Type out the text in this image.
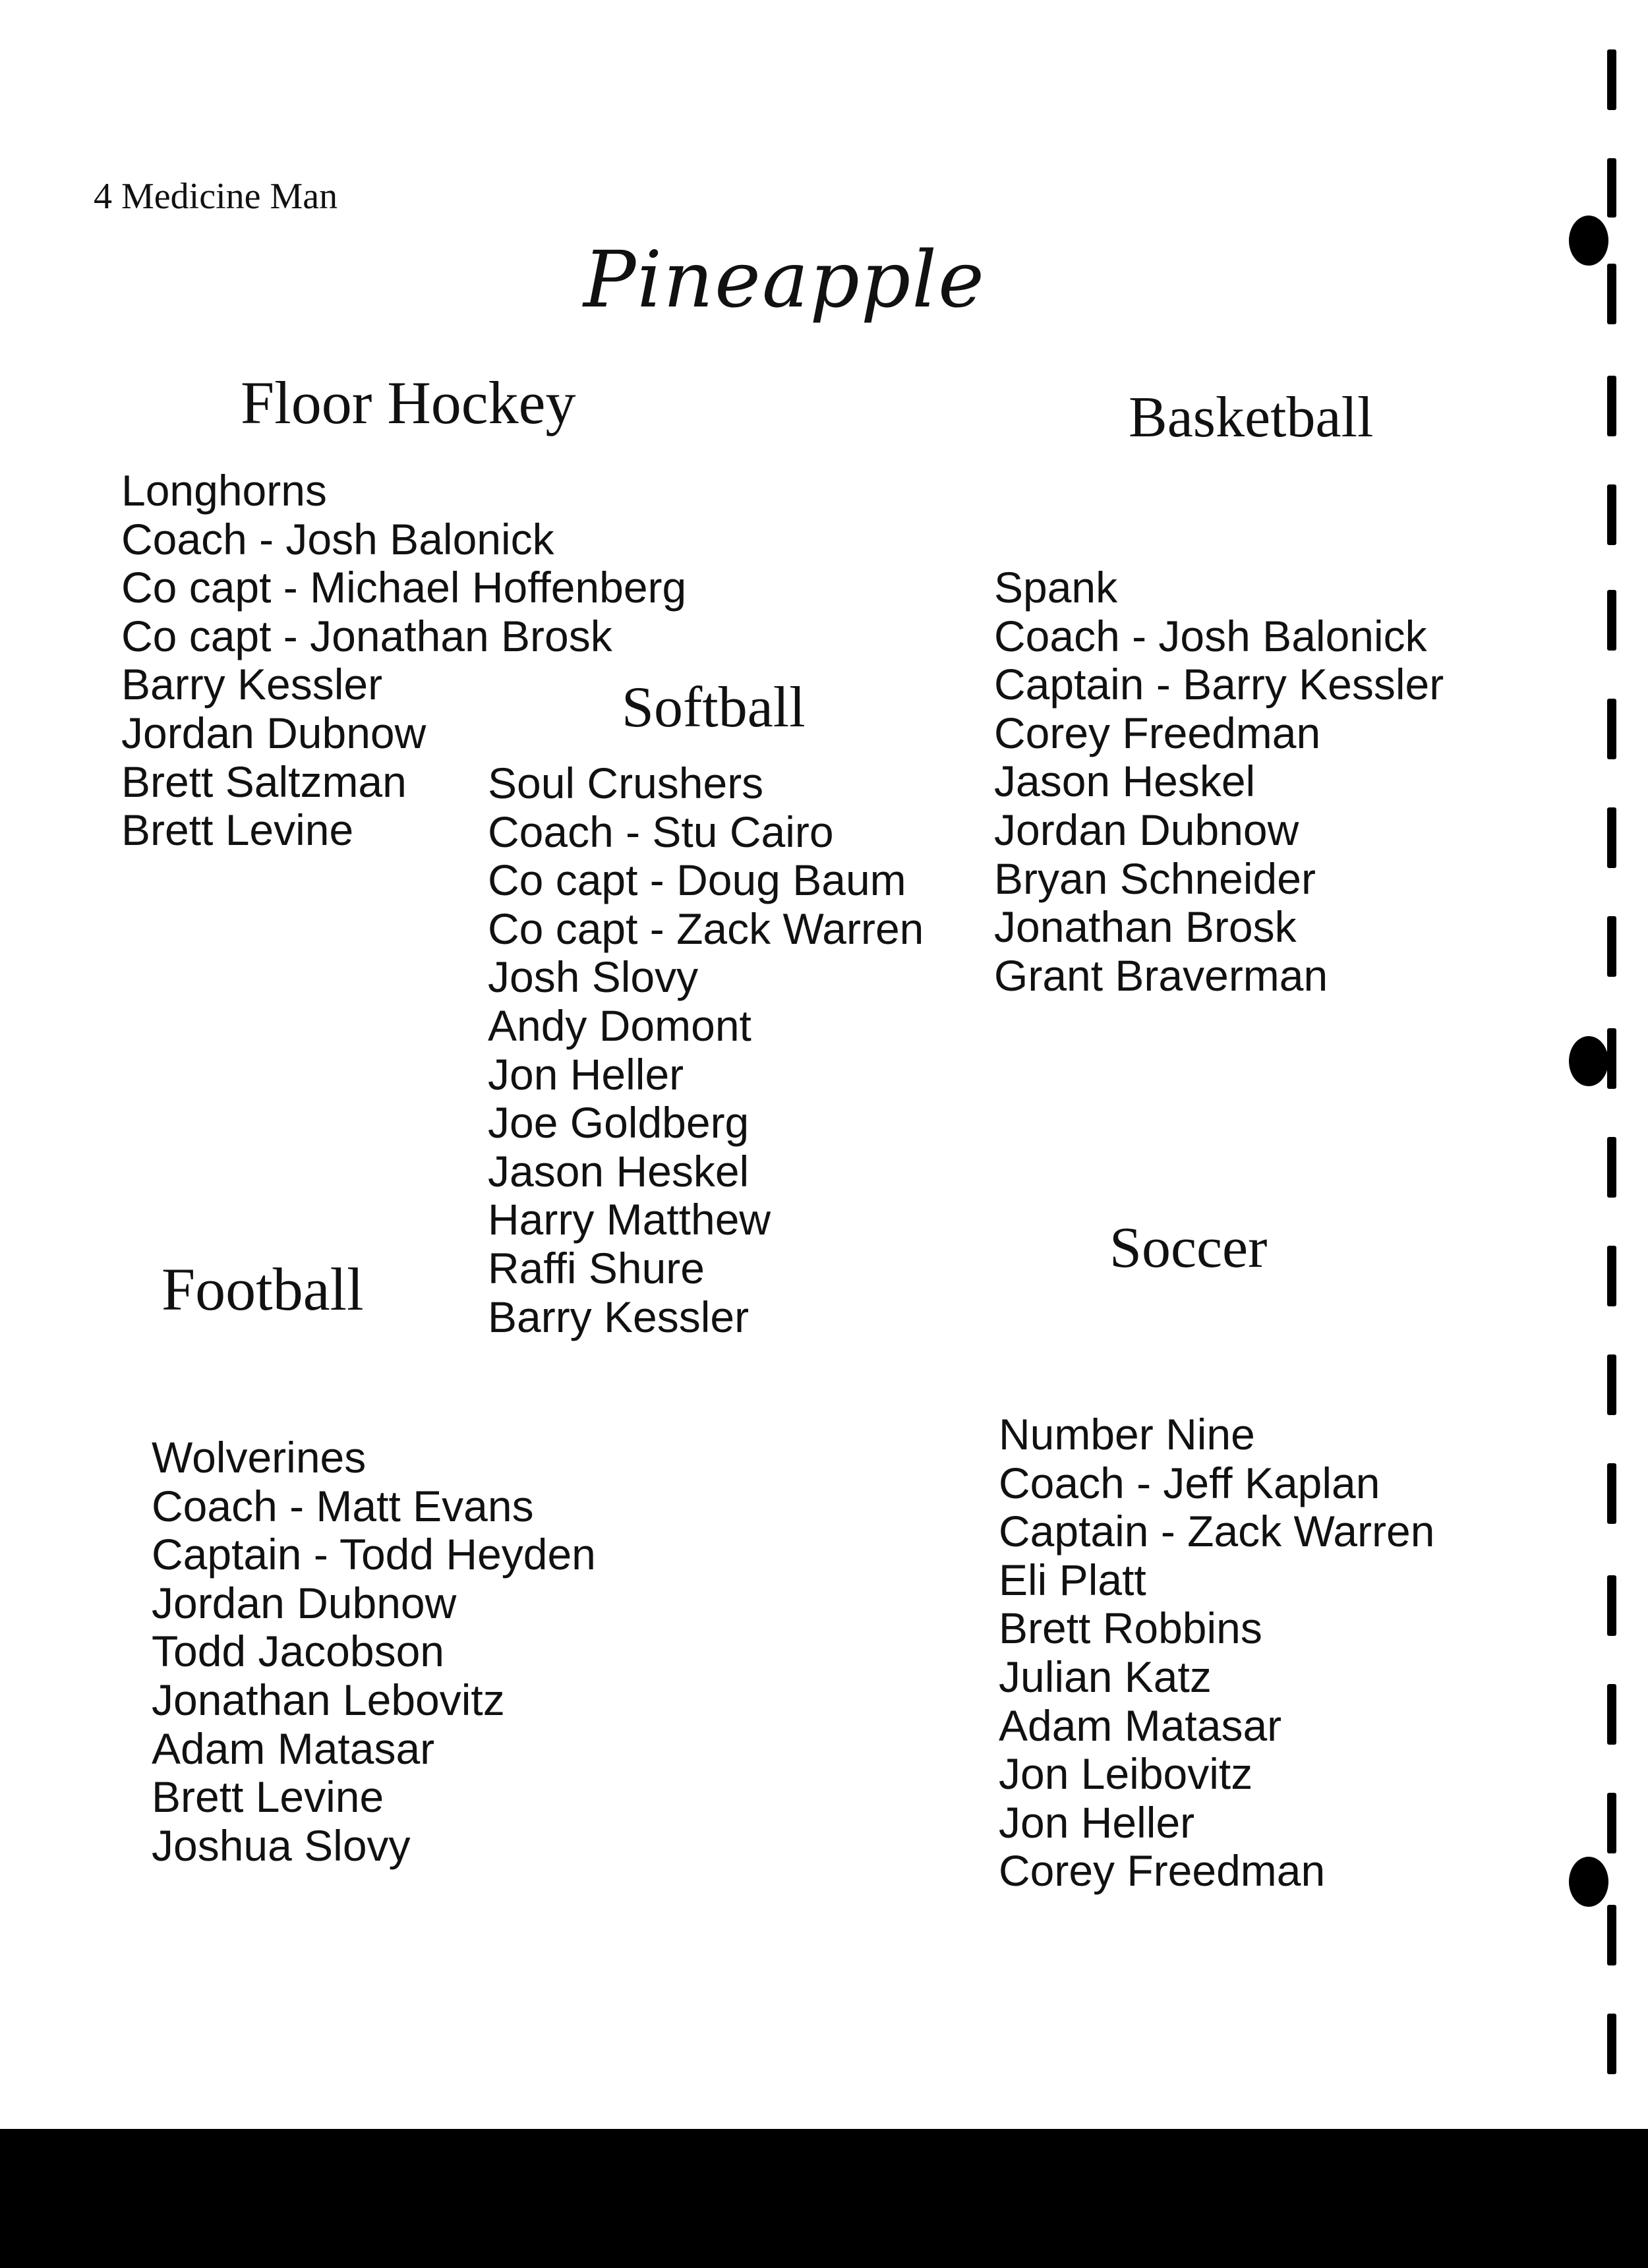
4 Medicine Man
Pineapple
Floor Hockey
Longhorns
Coach - Josh Balonick
Co capt - Michael Hoffenberg
Co capt - Jonathan Brosk
Barry Kessler
Jordan Dubnow
Brett Saltzman
Brett Levine
Basketball
Spank
Coach - Josh Balonick
Captain - Barry Kessler
Corey Freedman
Jason Heskel
Jordan Dubnow
Bryan Schneider
Jonathan Brosk
Grant Braverman
Softball
Soul Crushers
Coach - Stu Cairo
Co capt - Doug Baum
Co capt - Zack Warren
Josh Slovy
Andy Domont
Jon Heller
Joe Goldberg
Jason Heskel
Harry Matthew
Raffi Shure
Barry Kessler
Football
Wolverines
Coach - Matt Evans
Captain - Todd Heyden
Jordan Dubnow
Todd Jacobson
Jonathan Lebovitz
Adam Matasar
Brett Levine
Joshua Slovy
Soccer
Number Nine
Coach - Jeff Kaplan
Captain - Zack Warren
Eli Platt
Brett Robbins
Julian Katz
Adam Matasar
Jon Leibovitz
Jon Heller
Corey Freedman
